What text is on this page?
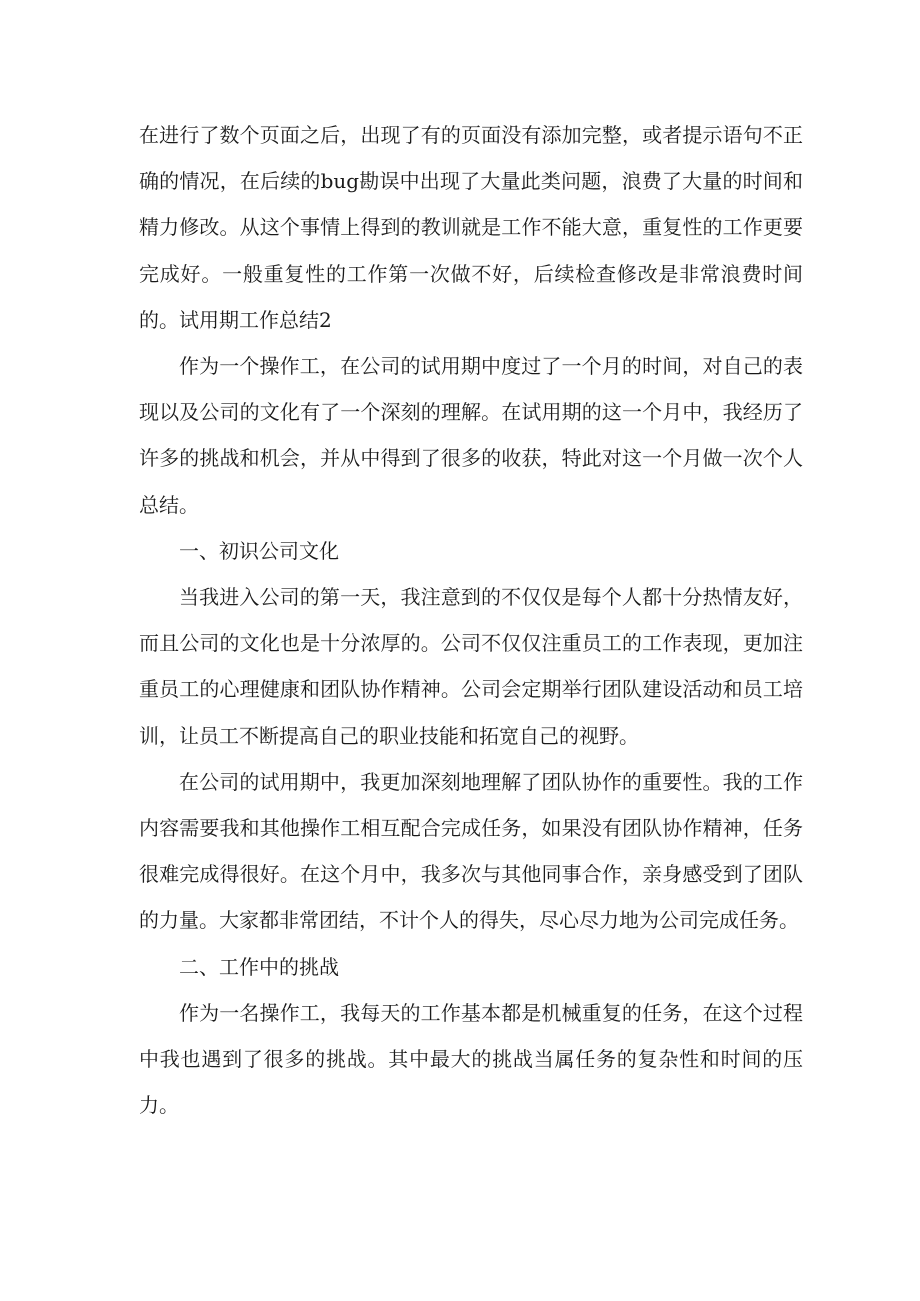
在进行了数个页面之后，出现了有的页面没有添加完整，或者提示语句不正确的情况，在后续的bug勘误中出现了大量此类问题，浪费了大量的时间和精力修改。从这个事情上得到的教训就是工作不能大意，重复性的工作更要完成好。一般重复性的工作第一次做不好，后续检查修改是非常浪费时间的。试用期工作总结2

作为一个操作工，在公司的试用期中度过了一个月的时间，对自己的表现以及公司的文化有了一个深刻的理解。在试用期的这一个月中，我经历了许多的挑战和机会，并从中得到了很多的收获，特此对这一个月做一次个人总结。

一、初识公司文化

当我进入公司的第一天，我注意到的不仅仅是每个人都十分热情友好，而且公司的文化也是十分浓厚的。公司不仅仅注重员工的工作表现，更加注重员工的心理健康和团队协作精神。公司会定期举行团队建设活动和员工培训，让员工不断提高自己的职业技能和拓宽自己的视野。

在公司的试用期中，我更加深刻地理解了团队协作的重要性。我的工作内容需要我和其他操作工相互配合完成任务，如果没有团队协作精神，任务很难完成得很好。在这个月中，我多次与其他同事合作，亲身感受到了团队的力量。大家都非常团结，不计个人的得失，尽心尽力地为公司完成任务。

二、工作中的挑战

作为一名操作工，我每天的工作基本都是机械重复的任务，在这个过程中我也遇到了很多的挑战。其中最大的挑战当属任务的复杂性和时间的压力。
